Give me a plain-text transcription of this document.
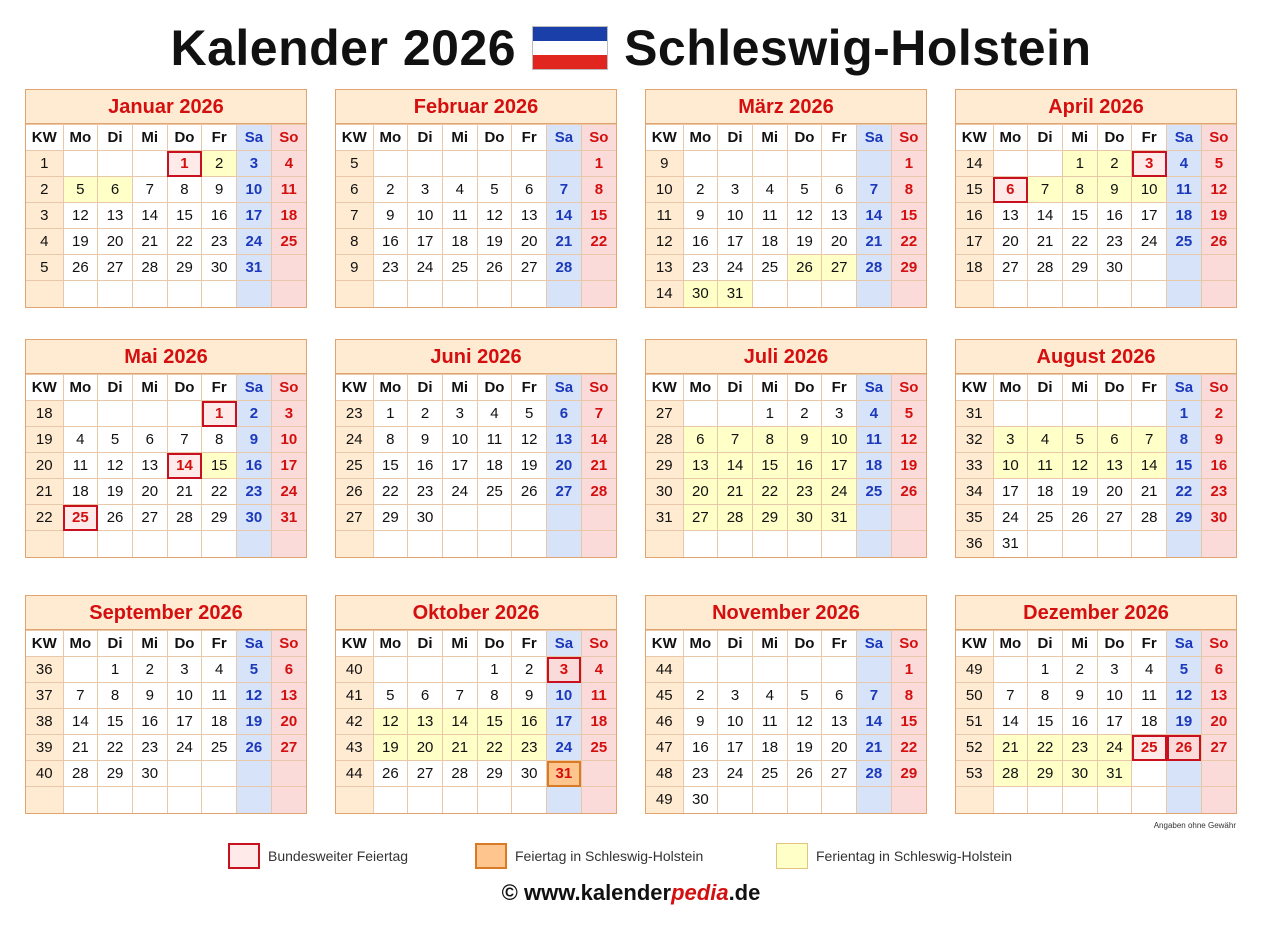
Kalender 2026 Schleswig-Holstein
Januar 2026
KW	Mo	Di	Mi	Do	Fr	Sa	So
1				1	2	3	4
2	5	6	7	8	9	10	11
3	12	13	14	15	16	17	18
4	19	20	21	22	23	24	25
5	26	27	28	29	30	31	

Februar 2026
KW	Mo	Di	Mi	Do	Fr	Sa	So
5							1
6	2	3	4	5	6	7	8
7	9	10	11	12	13	14	15
8	16	17	18	19	20	21	22
9	23	24	25	26	27	28	

März 2026
KW	Mo	Di	Mi	Do	Fr	Sa	So
9							1
10	2	3	4	5	6	7	8
11	9	10	11	12	13	14	15
12	16	17	18	19	20	21	22
13	23	24	25	26	27	28	29
14	30	31					
April 2026
KW	Mo	Di	Mi	Do	Fr	Sa	So
14			1	2	3	4	5
15	6	7	8	9	10	11	12
16	13	14	15	16	17	18	19
17	20	21	22	23	24	25	26
18	27	28	29	30			

Mai 2026
KW	Mo	Di	Mi	Do	Fr	Sa	So
18					1	2	3
19	4	5	6	7	8	9	10
20	11	12	13	14	15	16	17
21	18	19	20	21	22	23	24
22	25	26	27	28	29	30	31

Juni 2026
KW	Mo	Di	Mi	Do	Fr	Sa	So
23	1	2	3	4	5	6	7
24	8	9	10	11	12	13	14
25	15	16	17	18	19	20	21
26	22	23	24	25	26	27	28
27	29	30					

Juli 2026
KW	Mo	Di	Mi	Do	Fr	Sa	So
27			1	2	3	4	5
28	6	7	8	9	10	11	12
29	13	14	15	16	17	18	19
30	20	21	22	23	24	25	26
31	27	28	29	30	31		

August 2026
KW	Mo	Di	Mi	Do	Fr	Sa	So
31						1	2
32	3	4	5	6	7	8	9
33	10	11	12	13	14	15	16
34	17	18	19	20	21	22	23
35	24	25	26	27	28	29	30
36	31						
September 2026
KW	Mo	Di	Mi	Do	Fr	Sa	So
36		1	2	3	4	5	6
37	7	8	9	10	11	12	13
38	14	15	16	17	18	19	20
39	21	22	23	24	25	26	27
40	28	29	30				

Oktober 2026
KW	Mo	Di	Mi	Do	Fr	Sa	So
40				1	2	3	4
41	5	6	7	8	9	10	11
42	12	13	14	15	16	17	18
43	19	20	21	22	23	24	25
44	26	27	28	29	30	31	

November 2026
KW	Mo	Di	Mi	Do	Fr	Sa	So
44							1
45	2	3	4	5	6	7	8
46	9	10	11	12	13	14	15
47	16	17	18	19	20	21	22
48	23	24	25	26	27	28	29
49	30						
Dezember 2026
KW	Mo	Di	Mi	Do	Fr	Sa	So
49		1	2	3	4	5	6
50	7	8	9	10	11	12	13
51	14	15	16	17	18	19	20
52	21	22	23	24	25	26	27
53	28	29	30	31			

Angaben ohne Gewähr
Bundesweiter Feiertag	Feiertag in Schleswig-Holstein	Ferientag in Schleswig-Holstein
© www.kalenderpedia.de
